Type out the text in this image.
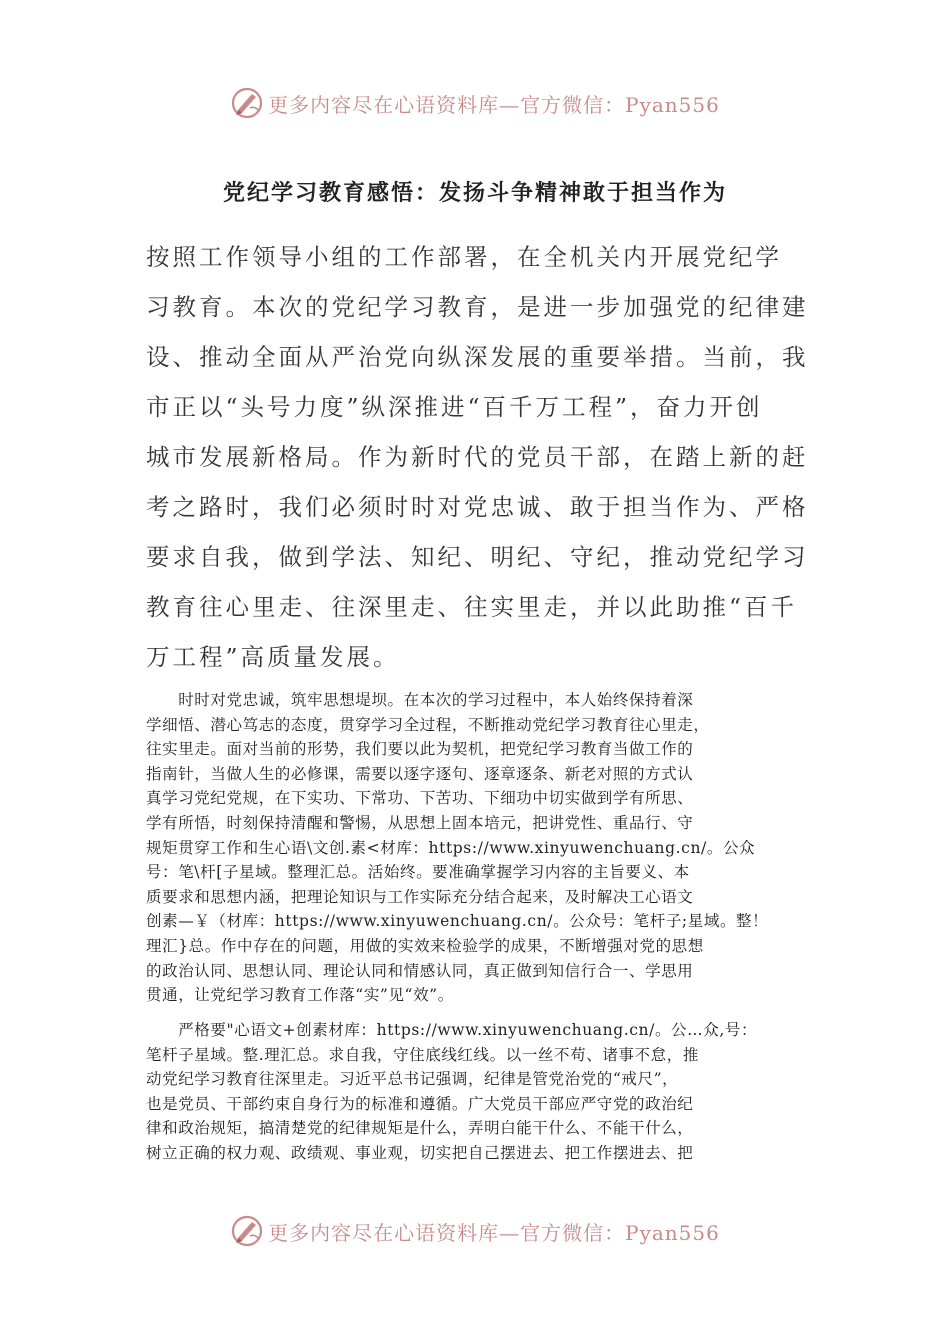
更多内容尽在心语资料库—官方微信：Pyan556
党纪学习教育感悟：发扬斗争精神敢于担当作为
按照工作领导小组的工作部署，在全机关内开展党纪学
习教育。本次的党纪学习教育，是进一步加强党的纪律建
设、推动全面从严治党向纵深发展的重要举措。当前，我
市正以“头号力度”纵深推进“百千万工程”，奋力开创
城市发展新格局。作为新时代的党员干部，在踏上新的赶
考之路时，我们必须时时对党忠诚、敢于担当作为、严格
要求自我，做到学法、知纪、明纪、守纪，推动党纪学习
教育往心里走、往深里走、往实里走，并以此助推“百千
万工程”高质量发展。
　　时时对党忠诚，筑牢思想堤坝。在本次的学习过程中，本人始终保持着深
学细悟、潜心笃志的态度，贯穿学习全过程，不断推动党纪学习教育往心里走，
往实里走。面对当前的形势，我们要以此为契机，把党纪学习教育当做工作的
指南针，当做人生的必修课，需要以逐字逐句、逐章逐条、新老对照的方式认
真学习党纪党规，在下实功、下常功、下苦功、下细功中切实做到学有所思、
学有所悟，时刻保持清醒和警惕，从思想上固本培元，把讲党性、重品行、守
规矩贯穿工作和生心语\文创.素<材库：https://www.xinyuwenchuang.cn/。公众
号：笔\杆[子星域。整理汇总。活始终。要准确掌握学习内容的主旨要义、本
质要求和思想内涵，把理论知识与工作实际充分结合起来，及时解决工心语文
创素—￥（材库：https://www.xinyuwenchuang.cn/。公众号：笔杆子;星域。整！
理汇}总。作中存在的问题，用做的实效来检验学的成果，不断增强对党的思想
的政治认同、思想认同、理论认同和情感认同，真正做到知信行合一、学思用
贯通，让党纪学习教育工作落“实”见“效”。
　　严格要"心语文+创素材库：https://www.xinyuwenchuang.cn/。公…众,号：
笔杆子星域。整.理汇总。求自我，守住底线红线。以一丝不苟、诸事不怠，推
动党纪学习教育往深里走。习近平总书记强调，纪律是管党治党的“戒尺”，
也是党员、干部约束自身行为的标准和遵循。广大党员干部应严守党的政治纪
律和政治规矩，搞清楚党的纪律规矩是什么，弄明白能干什么、不能干什么，
树立正确的权力观、政绩观、事业观，切实把自己摆进去、把工作摆进去、把
更多内容尽在心语资料库—官方微信：Pyan556
